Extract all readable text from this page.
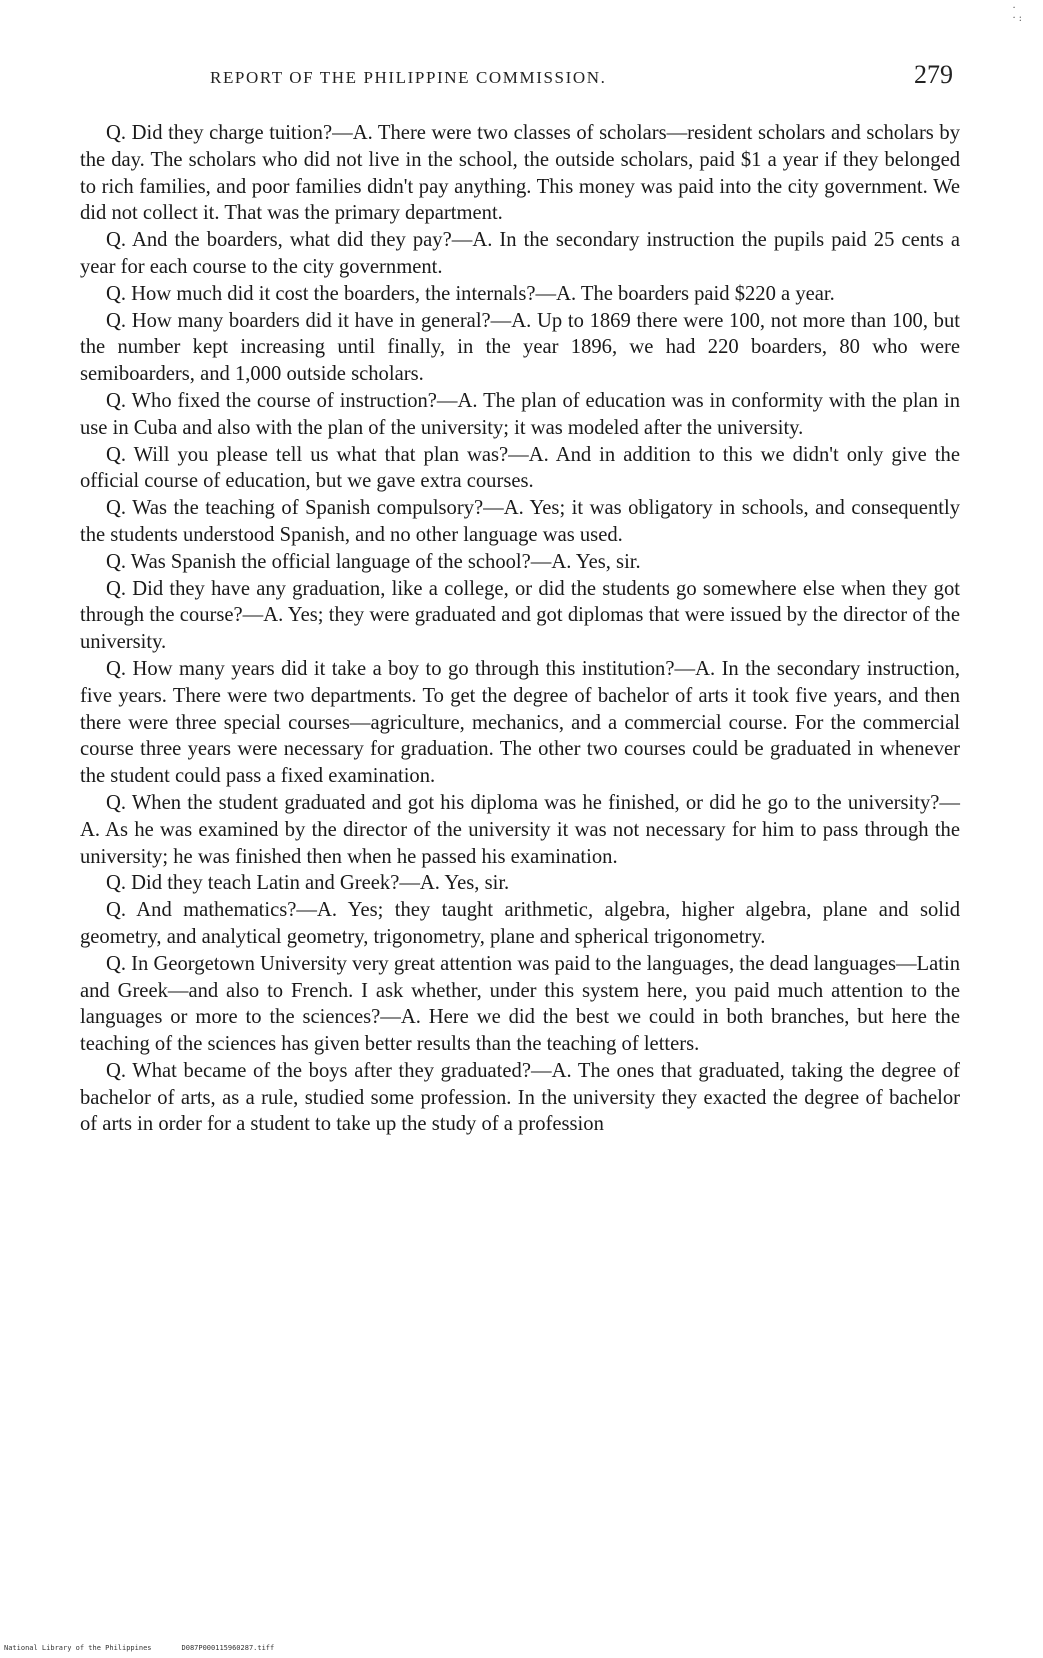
·
·:
REPORT OF THE PHILIPPINE COMMISSION.	279

Q. Did they charge tuition?—A. There were two classes of scholars—resident scholars and scholars by the day. The scholars who did not live in the school, the outside scholars, paid $1 a year if they belonged to rich families, and poor families didn't pay anything. This money was paid into the city government. We did not collect it. That was the primary department.

Q. And the boarders, what did they pay?—A. In the secondary instruction the pupils paid 25 cents a year for each course to the city government.

Q. How much did it cost the boarders, the internals?—A. The boarders paid $220 a year.

Q. How many boarders did it have in general?—A. Up to 1869 there were 100, not more than 100, but the number kept increasing until finally, in the year 1896, we had 220 boarders, 80 who were semiboarders, and 1,000 outside scholars.

Q. Who fixed the course of instruction?—A. The plan of education was in conformity with the plan in use in Cuba and also with the plan of the university; it was modeled after the university.

Q. Will you please tell us what that plan was?—A. And in addition to this we didn't only give the official course of education, but we gave extra courses.

Q. Was the teaching of Spanish compulsory?—A. Yes; it was obligatory in schools, and consequently the students understood Spanish, and no other language was used.

Q. Was Spanish the official language of the school?—A. Yes, sir.

Q. Did they have any graduation, like a college, or did the students go somewhere else when they got through the course?—A. Yes; they were graduated and got diplomas that were issued by the director of the university.

Q. How many years did it take a boy to go through this institution?—A. In the secondary instruction, five years. There were two departments. To get the degree of bachelor of arts it took five years, and then there were three special courses—agriculture, mechanics, and a commercial course. For the commercial course three years were necessary for graduation. The other two courses could be graduated in whenever the student could pass a fixed examination.

Q. When the student graduated and got his diploma was he finished, or did he go to the university?—A. As he was examined by the director of the university it was not necessary for him to pass through the university; he was finished then when he passed his examination.

Q. Did they teach Latin and Greek?—A. Yes, sir.

Q. And mathematics?—A. Yes; they taught arithmetic, algebra, higher algebra, plane and solid geometry, and analytical geometry, trigonometry, plane and spherical trigonometry.

Q. In Georgetown University very great attention was paid to the languages, the dead languages—Latin and Greek—and also to French. I ask whether, under this system here, you paid much attention to the languages or more to the sciences?—A. Here we did the best we could in both branches, but here the teaching of the sciences has given better results than the teaching of letters.

Q. What became of the boys after they graduated?—A. The ones that graduated, taking the degree of bachelor of arts, as a rule, studied some profession. In the university they exacted the degree of bachelor of arts in order for a student to take up the study of a profession

National Library of the Philippines	D087P000115960287.tiff
